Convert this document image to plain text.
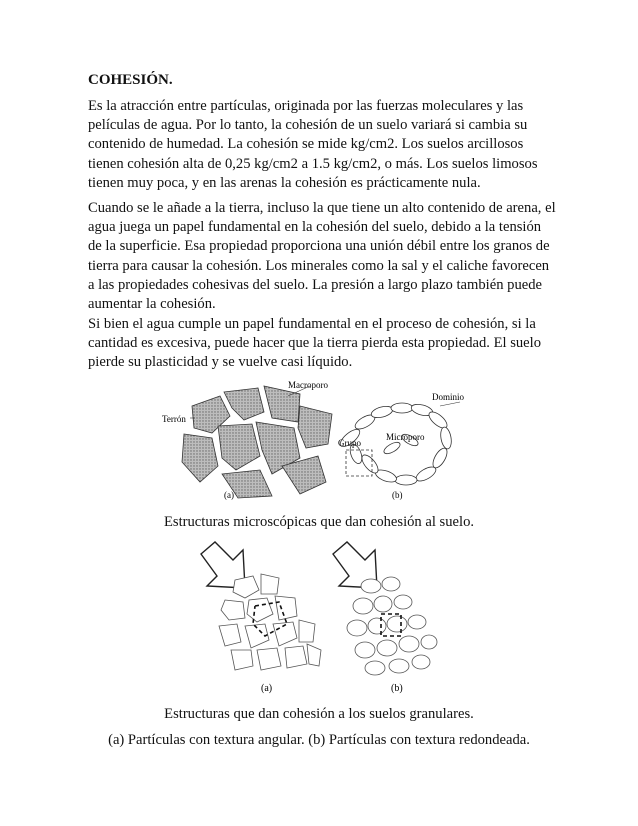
COHESIÓN.

Es la atracción entre partículas, originada por las fuerzas moleculares y las películas de agua. Por lo tanto, la cohesión de un suelo variará si cambia su contenido de humedad. La cohesión se mide kg/cm2. Los suelos arcillosos tienen cohesión alta de 0,25 kg/cm2 a 1.5 kg/cm2, o más. Los suelos limosos tienen muy poca, y en las arenas la cohesión es prácticamente nula.

Cuando se le añade a la tierra, incluso la que tiene un alto contenido de arena, el agua juega un papel fundamental en la cohesión del suelo, debido a la tensión de la superficie. Esa propiedad proporciona una unión débil entre los granos de tierra para causar la cohesión. Los minerales como la sal y el caliche favorecen a las propiedades cohesivas del suelo. La presión a largo plazo también puede aumentar la cohesión.

Si bien el agua cumple un papel fundamental en el proceso de cohesión, si la cantidad es excesiva, puede hacer que la tierra pierda esta propiedad. El suelo pierde su plasticidad y se vuelve casi líquido.

Macroporo
Terrón
(a)
Dominio
Microporo
Grupo
(b)
Estructuras microscópicas que dan cohesión al suelo.
(a)	(b)
Estructuras que dan cohesión a los suelos granulares.
(a) Partículas con textura angular. (b) Partículas con textura redondeada.
